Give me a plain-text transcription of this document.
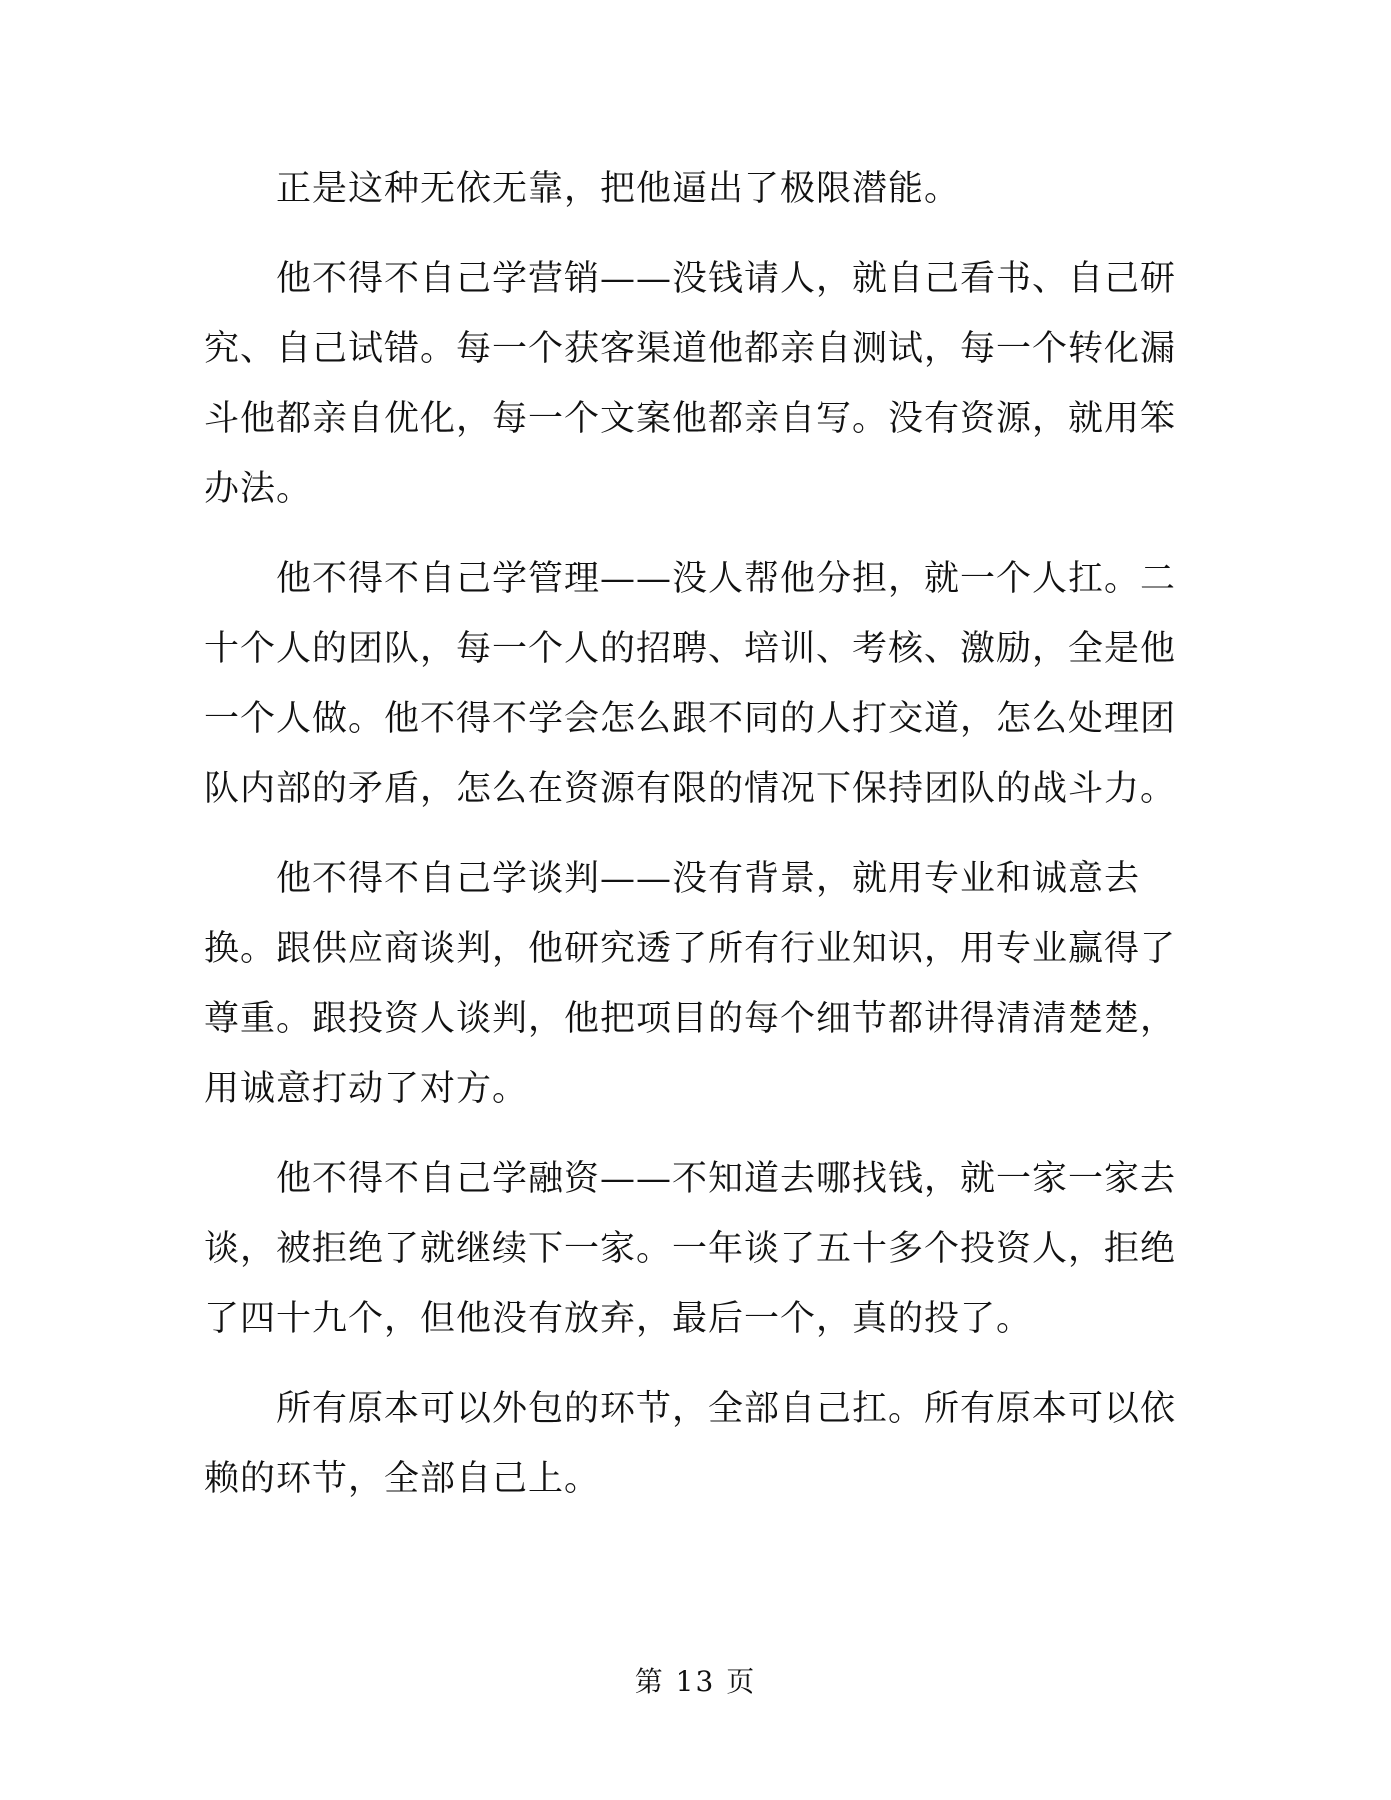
正是这种无依无靠，把他逼出了极限潜能。

他不得不自己学营销——没钱请人，就自己看书、自己研究、自己试错。每一个获客渠道他都亲自测试，每一个转化漏斗他都亲自优化，每一个文案他都亲自写。没有资源，就用笨办法。

他不得不自己学管理——没人帮他分担，就一个人扛。二十个人的团队，每一个人的招聘、培训、考核、激励，全是他一个人做。他不得不学会怎么跟不同的人打交道，怎么处理团队内部的矛盾，怎么在资源有限的情况下保持团队的战斗力。

他不得不自己学谈判——没有背景，就用专业和诚意去换。跟供应商谈判，他研究透了所有行业知识，用专业赢得了尊重。跟投资人谈判，他把项目的每个细节都讲得清清楚楚，用诚意打动了对方。

他不得不自己学融资——不知道去哪找钱，就一家一家去谈，被拒绝了就继续下一家。一年谈了五十多个投资人，拒绝了四十九个，但他没有放弃，最后一个，真的投了。

所有原本可以外包的环节，全部自己扛。所有原本可以依赖的环节，全部自己上。

第 13 页
